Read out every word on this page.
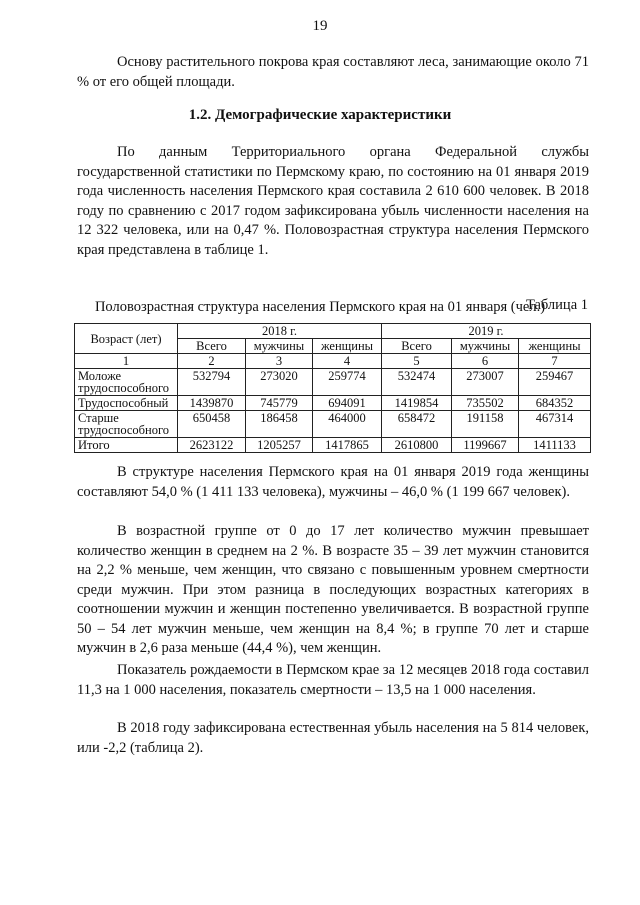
19
Основу растительного покрова края составляют леса, занимающие около 71 % от его общей площади.
1.2. Демографические характеристики
По данным Территориального органа Федеральной службы государственной статистики по Пермскому краю, по состоянию на 01 января 2019 года численность населения Пермского края составила 2 610 600 человек. В 2018 году по сравнению с 2017 годом зафиксирована убыль численности населения на 12 322 человека, или на 0,47 %. Половозрастная структура населения Пермского края представлена в таблице 1.
Таблица 1
Половозрастная структура населения Пермского края на 01 января (чел.)
Возраст (лет)	2018 г.			2019 г.		
	Всего	мужчины	женщины	Всего	мужчины	женщины
1	2	3	4	5	6	7
Моложе трудоспособного	532794	273020	259774	532474	273007	259467
Трудоспособный	1439870	745779	694091	1419854	735502	684352
Старше трудоспособного	650458	186458	464000	658472	191158	467314
Итого	2623122	1205257	1417865	2610800	1199667	1411133
В структуре населения Пермского края на 01 января 2019 года женщины составляют 54,0 % (1 411 133 человека), мужчины – 46,0 % (1 199 667 человек).
В возрастной группе от 0 до 17 лет количество мужчин превышает количество женщин в среднем на 2 %. В возрасте 35 – 39 лет мужчин становится на 2,2 % меньше, чем женщин, что связано с повышенным уровнем смертности среди мужчин. При этом разница в последующих возрастных категориях в соотношении мужчин и женщин постепенно увеличивается. В возрастной группе 50 – 54 лет мужчин меньше, чем женщин на 8,4 %; в группе 70 лет и старше мужчин в 2,6 раза меньше (44,4 %), чем женщин.
Показатель рождаемости в Пермском крае за 12 месяцев 2018 года составил 11,3 на 1 000 населения, показатель смертности – 13,5 на 1 000 населения.
В 2018 году зафиксирована естественная убыль населения на 5 814 человек, или -2,2 (таблица 2).
